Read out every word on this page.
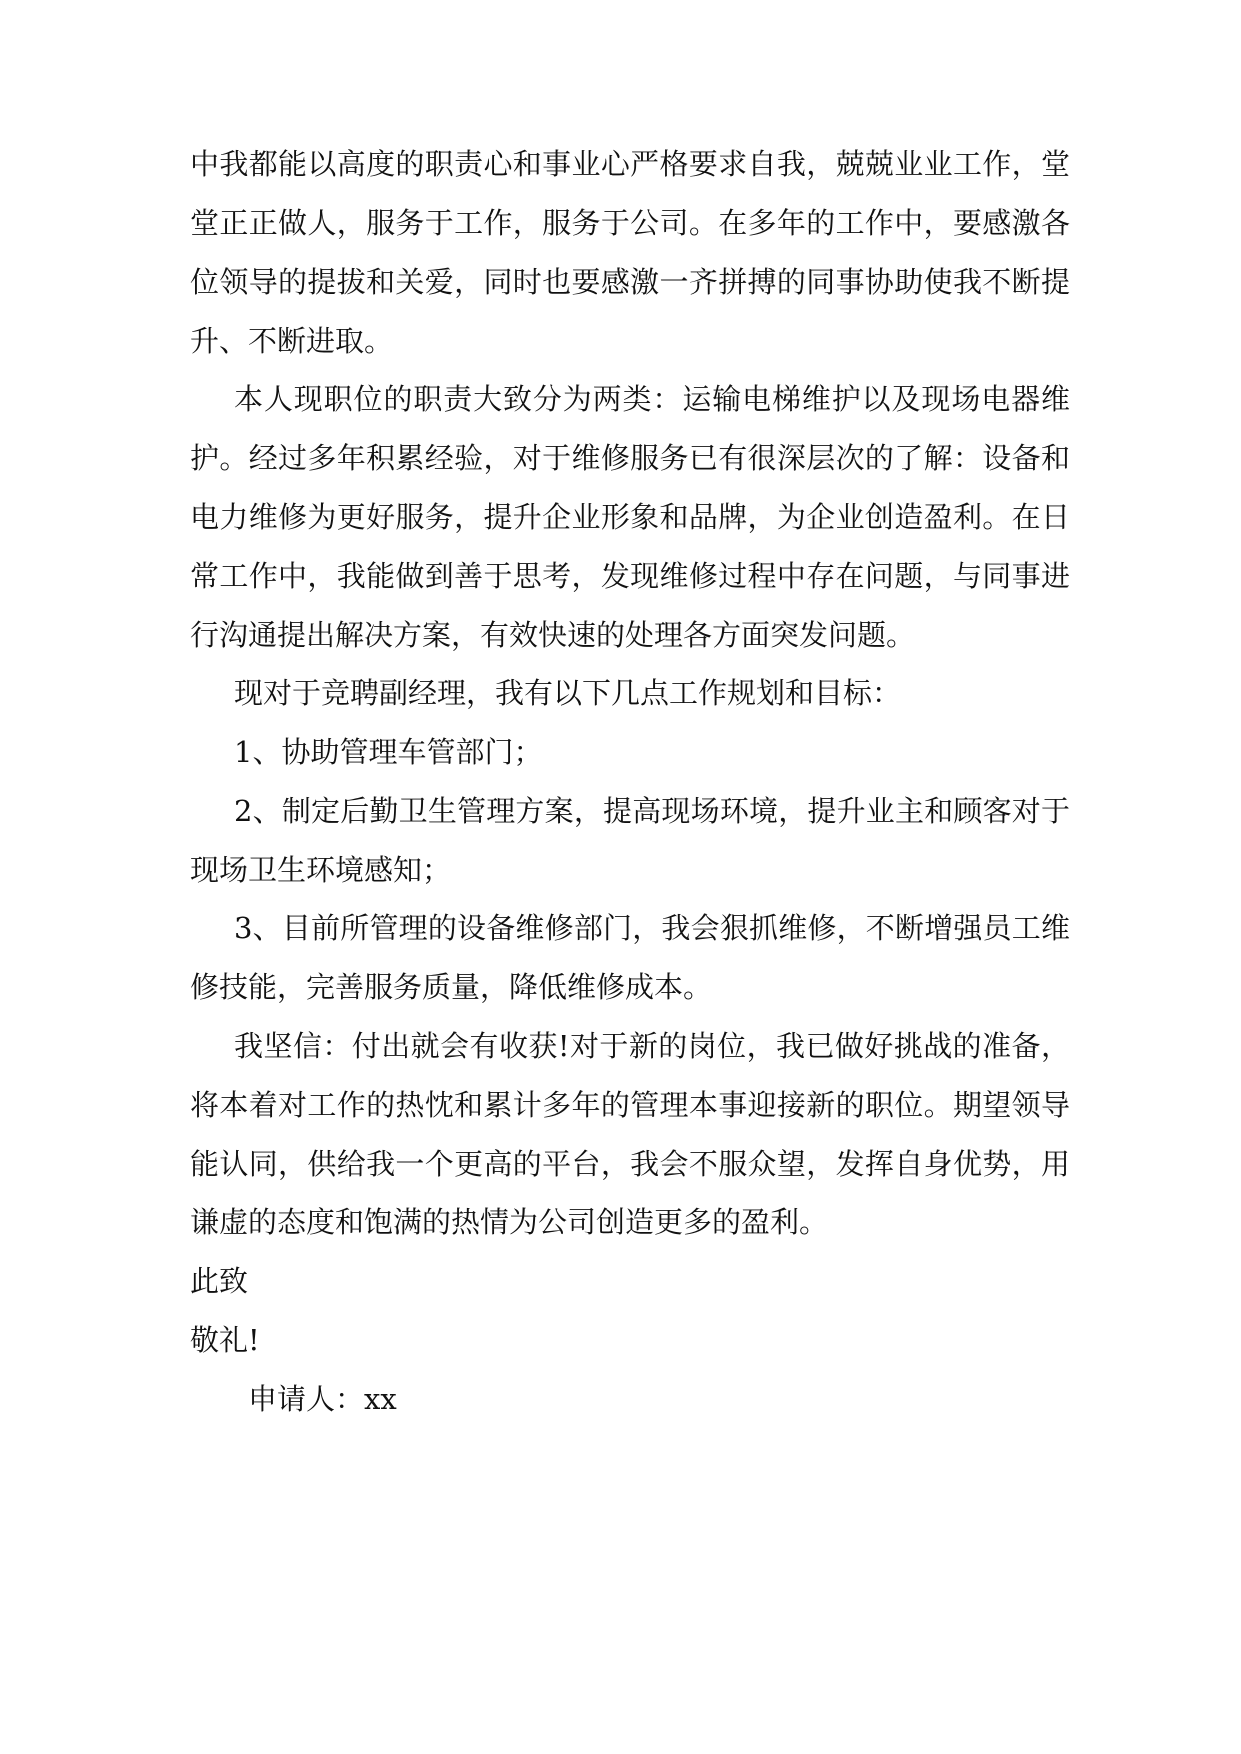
中我都能以高度的职责心和事业心严格要求自我，兢兢业业工作，堂

堂正正做人，服务于工作，服务于公司。在多年的工作中，要感激各

位领导的提拔和关爱，同时也要感激一齐拼搏的同事协助使我不断提

升、不断进取。

本人现职位的职责大致分为两类：运输电梯维护以及现场电器维

护。经过多年积累经验，对于维修服务已有很深层次的了解：设备和

电力维修为更好服务，提升企业形象和品牌，为企业创造盈利。在日

常工作中，我能做到善于思考，发现维修过程中存在问题，与同事进

行沟通提出解决方案，有效快速的处理各方面突发问题。

现对于竞聘副经理，我有以下几点工作规划和目标：

1、协助管理车管部门；

2、制定后勤卫生管理方案，提高现场环境，提升业主和顾客对于

现场卫生环境感知；

3、目前所管理的设备维修部门，我会狠抓维修，不断增强员工维

修技能，完善服务质量，降低维修成本。

我坚信：付出就会有收获!对于新的岗位，我已做好挑战的准备，

将本着对工作的热忱和累计多年的管理本事迎接新的职位。期望领导

能认同，供给我一个更高的平台，我会不服众望，发挥自身优势，用

谦虚的态度和饱满的热情为公司创造更多的盈利。

此致

敬礼!

申请人：xx
